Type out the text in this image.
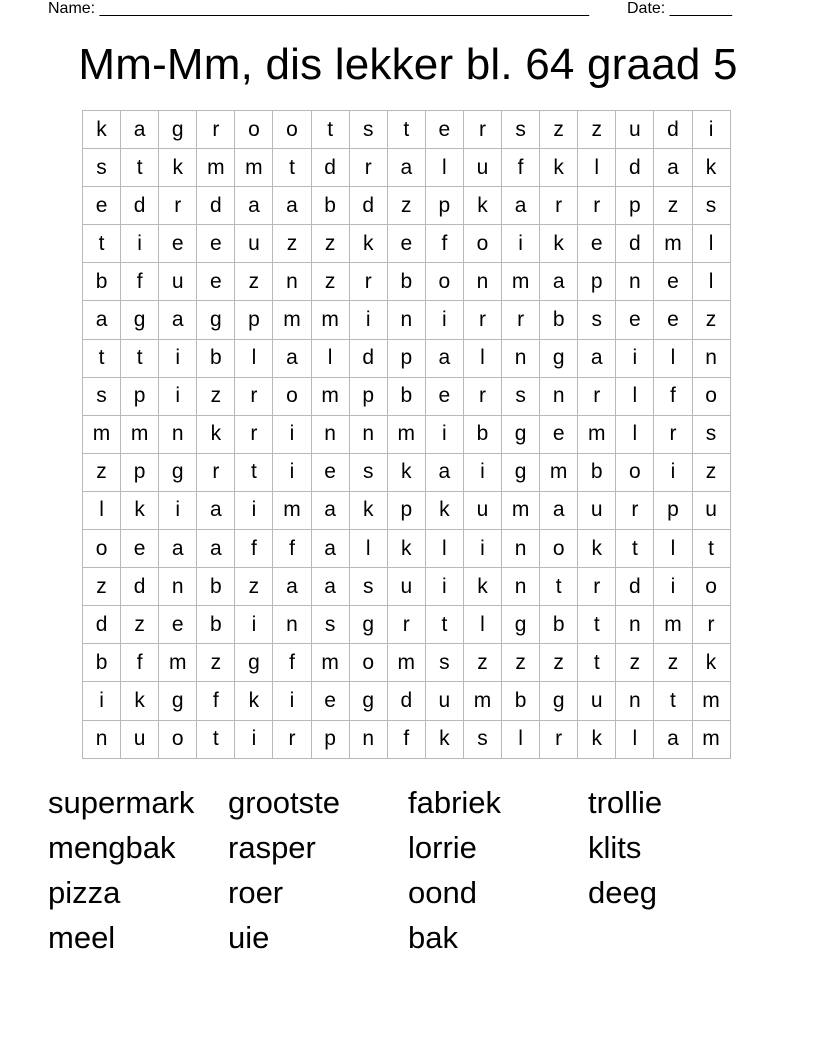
Name: _______________________________________________________ Date: _______
Mm-Mm, dis lekker bl. 64 graad 5
k	a	g	r	o	o	t	s	t	e	r	s	z	z	u	d	i
s	t	k	m	m	t	d	r	a	l	u	f	k	l	d	a	k
e	d	r	d	a	a	b	d	z	p	k	a	r	r	p	z	s
t	i	e	e	u	z	z	k	e	f	o	i	k	e	d	m	l
b	f	u	e	z	n	z	r	b	o	n	m	a	p	n	e	l
a	g	a	g	p	m	m	i	n	i	r	r	b	s	e	e	z
t	t	i	b	l	a	l	d	p	a	l	n	g	a	i	l	n
s	p	i	z	r	o	m	p	b	e	r	s	n	r	l	f	o
m	m	n	k	r	i	n	n	m	i	b	g	e	m	l	r	s
z	p	g	r	t	i	e	s	k	a	i	g	m	b	o	i	z
l	k	i	a	i	m	a	k	p	k	u	m	a	u	r	p	u
o	e	a	a	f	f	a	l	k	l	i	n	o	k	t	l	t
z	d	n	b	z	a	a	s	u	i	k	n	t	r	d	i	o
d	z	e	b	i	n	s	g	r	t	l	g	b	t	n	m	r
b	f	m	z	g	f	m	o	m	s	z	z	z	t	z	z	k
i	k	g	f	k	i	e	g	d	u	m	b	g	u	n	t	m
n	u	o	t	i	r	p	n	f	k	s	l	r	k	l	a	m
supermark
mengbak
pizza
meel
grootste
rasper
roer
uie
fabriek
lorrie
oond
bak
trollie
klits
deeg
